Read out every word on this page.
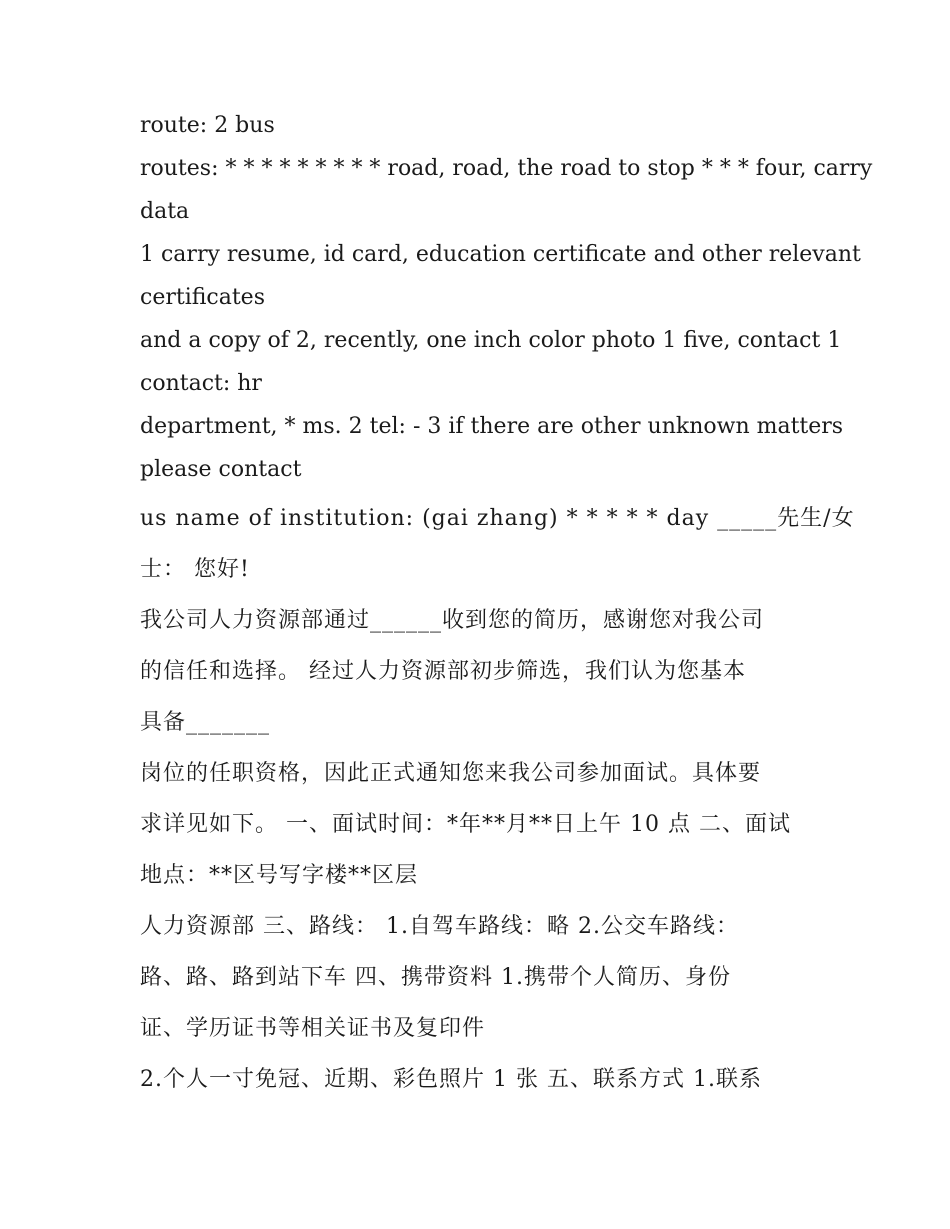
route: 2 bus
routes: * * * * * * * * * road, road, the road to stop * * * four, carry
data
1 carry resume, id card, education certificate and other relevant
certificates
and a copy of 2, recently, one inch color photo 1 five, contact 1
contact: hr
department, * ms. 2 tel: - 3 if there are other unknown matters
please contact
us name of institution: (gai zhang) * * * * * day _____先生/女
士： 您好!
我公司人力资源部通过______收到您的简历，感谢您对我公司
的信任和选择。 经过人力资源部初步筛选，我们认为您基本
具备_______
岗位的任职资格，因此正式通知您来我公司参加面试。具体要
求详见如下。 一、面试时间：*年**月**日上午 10 点 二、面试
地点：**区号写字楼**区层
人力资源部 三、路线： 1.自驾车路线：略 2.公交车路线：
路、路、路到站下车 四、携带资料 1.携带个人简历、身份
证、学历证书等相关证书及复印件
2.个人一寸免冠、近期、彩色照片 1 张 五、联系方式 1.联系
